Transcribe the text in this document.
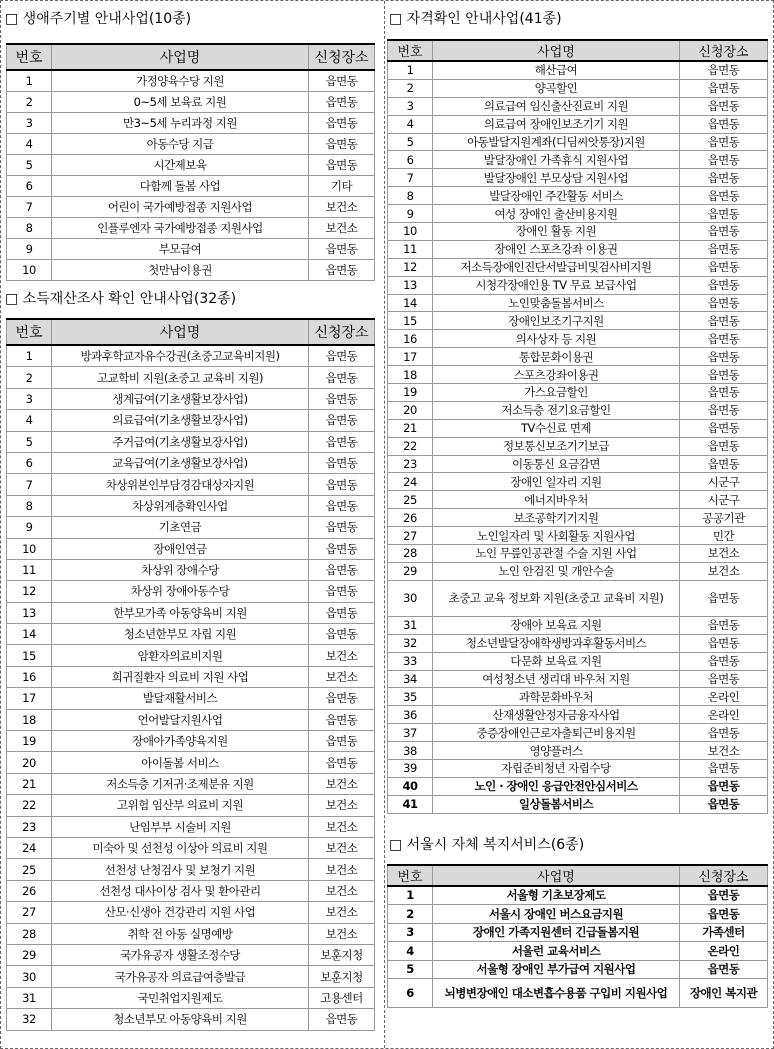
□ 생애주기별 안내사업(10종)
번호	사업명	신청장소
1	가정양육수당 지원	읍면동
2	0~5세 보육료 지원	읍면동
3	만3~5세 누리과정 지원	읍면동
4	아동수당 지급	읍면동
5	시간제보육	읍면동
6	다함께 돌봄 사업	기타
7	어린이 국가예방접종 지원사업	보건소
8	인플루엔자 국가예방접종 지원사업	보건소
9	부모급여	읍면동
10	첫만남이용권	읍면동
□ 소득재산조사 확인 안내사업(32종)
번호	사업명	신청장소
1	방과후학교자유수강권(초중고교육비지원)	읍면동
2	고교학비 지원(초중고 교육비 지원)	읍면동
3	생계급여(기초생활보장사업)	읍면동
4	의료급여(기초생활보장사업)	읍면동
5	주거급여(기초생활보장사업)	읍면동
6	교육급여(기초생활보장사업)	읍면동
7	차상위본인부담경감대상자지원	읍면동
8	차상위계층확인사업	읍면동
9	기초연금	읍면동
10	장애인연금	읍면동
11	차상위 장애수당	읍면동
12	차상위 장애아동수당	읍면동
13	한부모가족 아동양육비 지원	읍면동
14	청소년한부모 자립 지원	읍면동
15	암환자의료비지원	보건소
16	희귀질환자 의료비 지원 사업	보건소
17	발달재활서비스	읍면동
18	언어발달지원사업	읍면동
19	장애아가족양육지원	읍면동
20	아이돌봄 서비스	읍면동
21	저소득층 기저귀·조제분유 지원	보건소
22	고위험 임산부 의료비 지원	보건소
23	난임부부 시술비 지원	보건소
24	미숙아 및 선천성 이상아 의료비 지원	보건소
25	선천성 난청검사 및 보청기 지원	보건소
26	선천성 대사이상 검사 및 환아관리	보건소
27	산모·신생아 건강관리 지원 사업	보건소
28	취학 전 아동 실명예방	보건소
29	국가유공자 생활조정수당	보훈지청
30	국가유공자 의료급여층발급	보훈지청
31	국민취업지원제도	고용센터
32	청소년부모 아동양육비 지원	읍면동
□ 자격확인 안내사업(41종)
번호	사업명	신청장소
1	해산급여	읍면동
2	양곡할인	읍면동
3	의료급여 임신출산진료비 지원	읍면동
4	의료급여 장애인보조기기 지원	읍면동
5	아동발달지원계좌(디딤씨앗통장)지원	읍면동
6	발달장애인 가족휴식 지원사업	읍면동
7	발달장애인 부모상담 지원사업	읍면동
8	발달장애인 주간활동 서비스	읍면동
9	여성 장애인 출산비용지원	읍면동
10	장애인 활동 지원	읍면동
11	장애인 스포츠강좌 이용권	읍면동
12	저소득장애인진단서발급비및검사비지원	읍면동
13	시청각장애인용 TV 무료 보급사업	읍면동
14	노인맞춤돌봄서비스	읍면동
15	장애인보조기구지원	읍면동
16	의사상자 등 지원	읍면동
17	통합문화이용권	읍면동
18	스포츠강좌이용권	읍면동
19	가스요금할인	읍면동
20	저소득층 전기요금할인	읍면동
21	TV수신료 면제	읍면동
22	정보통신보조기기보급	읍면동
23	이동통신 요금감면	읍면동
24	장애인 일자리 지원	시군구
25	에너지바우처	시군구
26	보조공학기기지원	공공기관
27	노인일자리 및 사회활동 지원사업	민간
28	노인 무릎인공관절 수술 지원 사업	보건소
29	노인 안검진 및 개안수술	보건소
30	초중고 교육 정보화 지원(초중고 교육비 지원)	읍면동
31	장애아 보육료 지원	읍면동
32	청소년발달장애학생방과후활동서비스	읍면동
33	다문화 보육료 지원	읍면동
34	여성청소년 생리대 바우처 지원	읍면동
35	과학문화바우처	온라인
36	산재생활안정자금융자사업	온라인
37	중증장애인근로자출퇴근비용지원	읍면동
38	영양플러스	보건소
39	자립준비청년 자립수당	읍면동
40	노인 · 장애인 응급안전안심서비스	읍면동
41	일상돌봄서비스	읍면동
□ 서울시 자체 복지서비스(6종)
번호	사업명	신청장소
1	서울형 기초보장제도	읍면동
2	서울시 장애인 버스요금지원	읍면동
3	장애인 가족지원센터 긴급돌봄지원	가족센터
4	서울런 교육서비스	온라인
5	서울형 장애인 부가급여 지원사업	읍면동
6	뇌병변장애인 대소변흡수용품 구입비 지원사업	장애인 복지관
